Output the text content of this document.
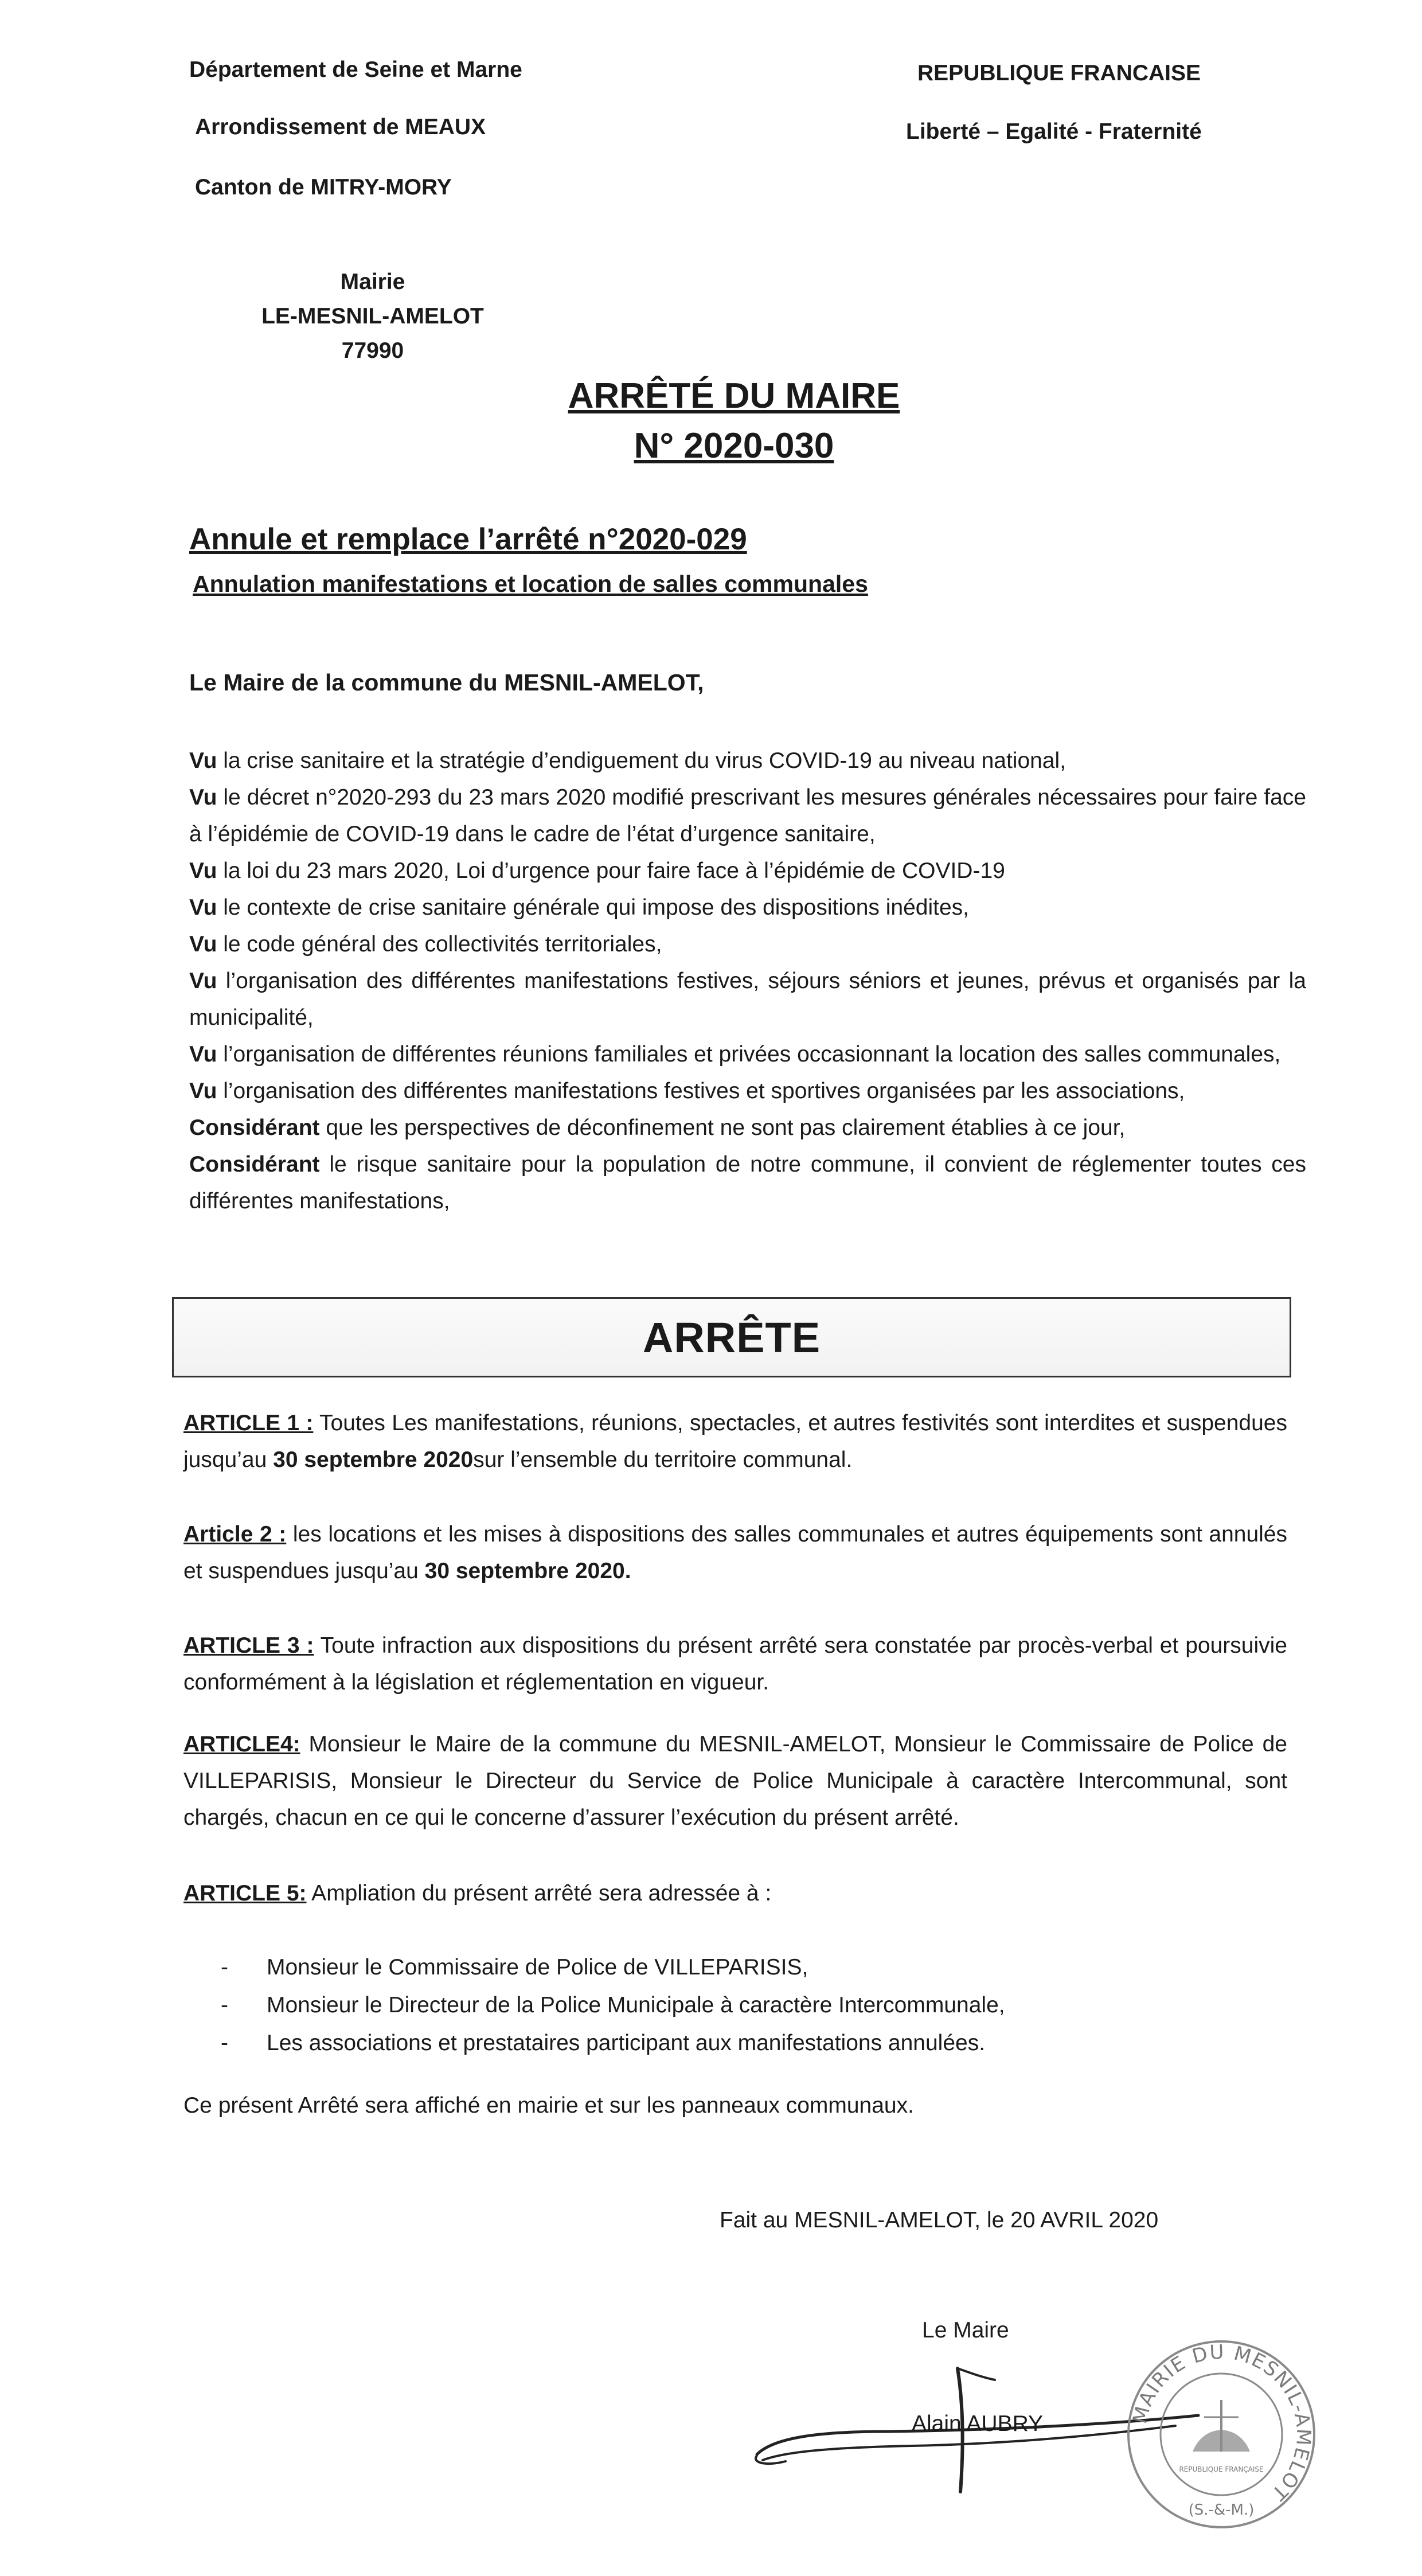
Département de Seine et Marne
Arrondissement de MEAUX
Canton de MITRY-MORY
REPUBLIQUE FRANCAISE
Liberté – Egalité - Fraternité
Mairie
LE-MESNIL-AMELOT
77990
ARRÊTÉ DU MAIRE
N° 2020-030
Annule et remplace l’arrêté n°2020-029
Annulation manifestations et location de salles communales
Le Maire de la commune du MESNIL-AMELOT,
Vu la crise sanitaire et la stratégie d’endiguement du virus COVID-19 au niveau national,
Vu le décret n°2020-293 du 23 mars 2020 modifié prescrivant les mesures générales nécessaires pour faire face à l’épidémie de COVID-19 dans le cadre de l’état d’urgence sanitaire,
Vu la loi du 23 mars 2020, Loi d’urgence pour faire face à l’épidémie de COVID-19
Vu le contexte de crise sanitaire générale qui impose des dispositions inédites,
Vu le code général des collectivités territoriales,
Vu l’organisation des différentes manifestations festives, séjours séniors et jeunes, prévus et organisés par la municipalité,
Vu l’organisation de différentes réunions familiales et privées occasionnant la location des salles communales,
Vu l’organisation des différentes manifestations festives et sportives organisées par les associations,
Considérant que les perspectives de déconfinement ne sont pas clairement établies à ce jour,
Considérant le risque sanitaire pour la population de notre commune, il convient de réglementer toutes ces différentes manifestations,
ARRÊTE
ARTICLE 1 : Toutes Les manifestations, réunions, spectacles, et autres festivités sont interdites et suspendues jusqu’au 30 septembre 2020sur l’ensemble du territoire communal.
Article 2 : les locations et les mises à dispositions des salles communales et autres équipements sont annulés et suspendues jusqu’au 30 septembre 2020.
ARTICLE 3 : Toute infraction aux dispositions du présent arrêté sera constatée par procès-verbal et poursuivie conformément à la législation et réglementation en vigueur.
ARTICLE4: Monsieur le Maire de la commune du MESNIL-AMELOT, Monsieur le Commissaire de Police de VILLEPARISIS, Monsieur le Directeur du Service de Police Municipale à caractère Intercommunal, sont chargés, chacun en ce qui le concerne d’assurer l’exécution du présent arrêté.
ARTICLE 5: Ampliation du présent arrêté sera adressée à :
- Monsieur le Commissaire de Police de VILLEPARISIS,
- Monsieur le Directeur de la Police Municipale à caractère Intercommunale,
- Les associations et prestataires participant aux manifestations annulées.
Ce présent Arrêté sera affiché en mairie et sur les panneaux communaux.
Fait au MESNIL-AMELOT, le 20 AVRIL 2020
Le Maire
Alain AUBRY	MAIRIE DU MESNIL-AMELOT
REPUBLIQUE FRANÇAISE
(S.-&-M.)
